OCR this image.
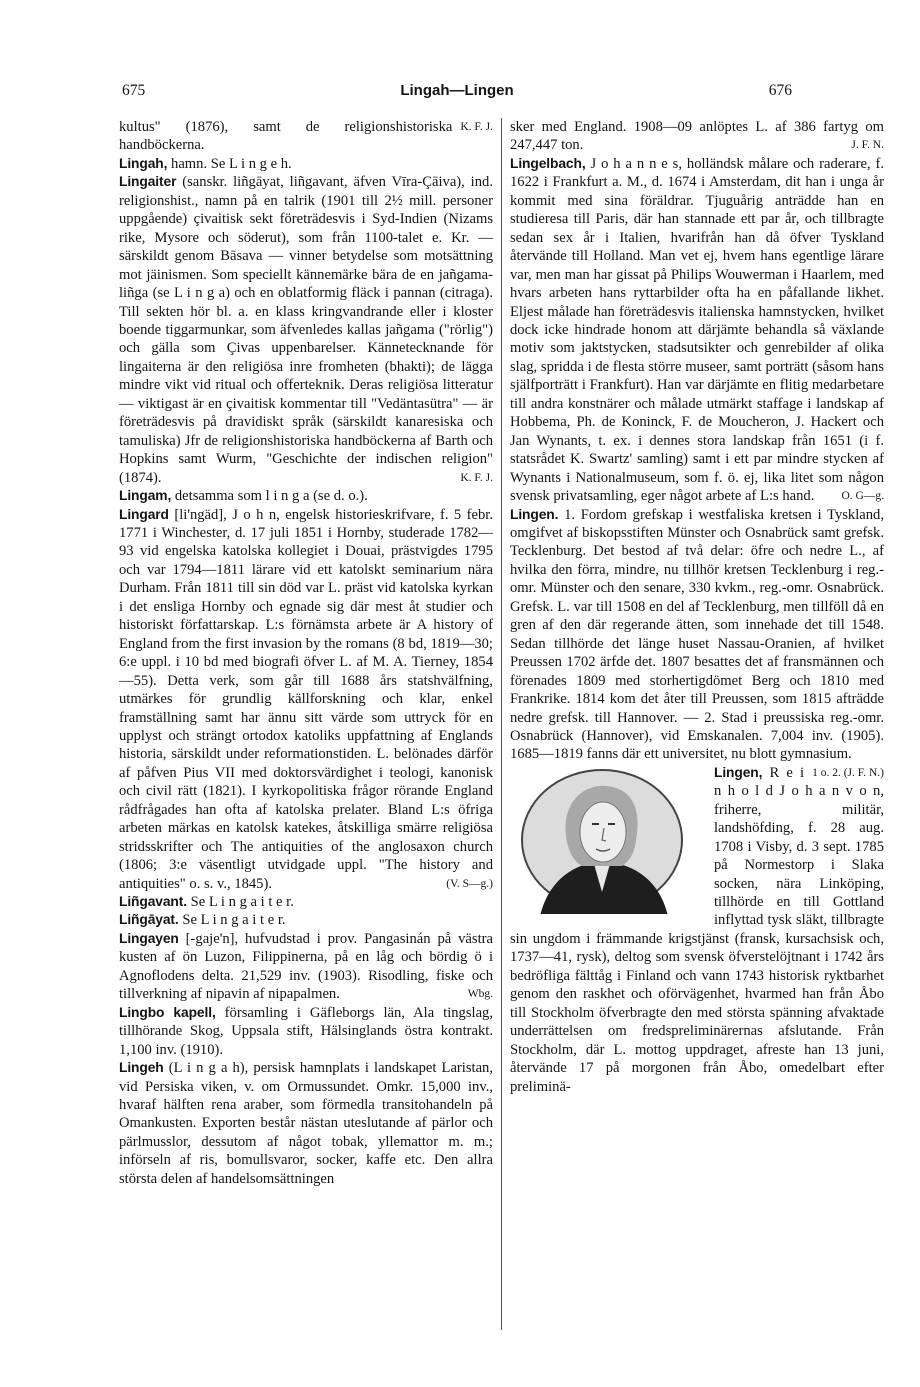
675	Lingah—Lingen	676

K. F. J.
kultus" (1876), samt de religionshistoriska handböckerna.

Lingah, hamn. Se L i n g e h.

Lingaiter (sanskr. liñgāyat, liñgavant, äfven Vīra-Çāiva), ind. religionshist., namn på en talrik (1901 till 2½ mill. personer uppgående) çivaitisk sekt företrädesvis i Syd-Indien (Nizams rike, Mysore och söderut), som från 1100-talet e. Kr. — särskildt genom Bāsava — vinner betydelse som motsättning mot jäinismen. Som speciellt kännemärke bära de en jañgama-liñga (se L i n g a) och en oblatformig fläck i pannan (citraga). Till sekten hör bl. a. en klass kringvandrande eller i kloster boende tiggarmunkar, som äfvenledes kallas jañgama ("rörlig") och gälla som Çivas uppenbarelser. Kännetecknande för lingaiterna är den religiösa inre fromheten (bhakti); de lägga mindre vikt vid ritual och offerteknik. Deras religiösa litteratur — viktigast är en çivaitisk kommentar till "Vedäntasütra" — är företrädesvis på dravidiskt språk (särskildt kanaresiska och tamuliska) Jfr de religionshistoriska handböckerna af Barth och Hopkins samt Wurm, "Geschichte der indischen religion" (1874).	K. F. J.

Lingam, detsamma som l i n g a (se d. o.).

Lingard [li'ngäd], J o h n, engelsk historieskrifvare, f. 5 febr. 1771 i Winchester, d. 17 juli 1851 i Hornby, studerade 1782—93 vid engelska katolska kollegiet i Douai, prästvigdes 1795 och var 1794—1811 lärare vid ett katolskt seminarium nära Durham. Från 1811 till sin död var L. präst vid katolska kyrkan i det ensliga Hornby och egnade sig där mest åt studier och historiskt författarskap. L:s förnämsta arbete är A history of England from the first invasion by the romans (8 bd, 1819—30; 6:e uppl. i 10 bd med biografi öfver L. af M. A. Tierney, 1854—55). Detta verk, som går till 1688 års statshvälfning, utmärkes för grundlig källforskning och klar, enkel framställning samt har ännu sitt värde som uttryck för en upplyst och strängt ortodox katoliks uppfattning af Englands historia, särskildt under reformationstiden. L. belönades därför af påfven Pius VII med doktorsvärdighet i teologi, kanonisk och civil rätt (1821). I kyrkopolitiska frågor rörande England rådfrågades han ofta af katolska prelater. Bland L:s öfriga arbeten märkas en katolsk katekes, åtskilliga smärre religiösa stridsskrifter och The antiquities of the anglosaxon church (1806; 3:e väsentligt utvidgade uppl. "The history and antiquities" o. s. v., 1845).	(V. S—g.)

Liñgavant. Se L i n g a i t e r.

Liñgāyat. Se L i n g a i t e r.

Lingayen [-gaje'n], hufvudstad i prov. Pangasinán på västra kusten af ön Luzon, Filippinerna, på en låg och bördig ö i Agnoflodens delta. 21,529 inv. (1903). Risodling, fiske och tillverkning af nipavin af nipapalmen.	Wbg.

Lingbo kapell, församling i Gäfleborgs län, Ala tingslag, tillhörande Skog, Uppsala stift, Hälsinglands östra kontrakt. 1,100 inv. (1910).

Lingeh (L i n g a h), persisk hamnplats i landskapet Laristan, vid Persiska viken, v. om Ormussundet. Omkr. 15,000 inv., hvaraf hälften rena araber, som förmedla transitohandeln på Omankusten. Exporten består nästan uteslutande af pärlor och pärlmusslor, dessutom af något tobak, yllemattor m. m.; införseln af ris, bomullsvaror, socker, kaffe etc. Den allra största delen af handelsomsättningen

sker med England. 1908—09 anlöptes L. af 386 fartyg om 247,447 ton.	J. F. N.

Lingelbach, J o h a n n e s, holländsk målare och raderare, f. 1622 i Frankfurt a. M., d. 1674 i Amsterdam, dit han i unga år kommit med sina föräldrar. Tjuguårig anträdde han en studieresa till Paris, där han stannade ett par år, och tillbragte sedan sex år i Italien, hvarifrån han då öfver Tyskland återvände till Holland. Man vet ej, hvem hans egentlige lärare var, men man har gissat på Philips Wouwerman i Haarlem, med hvars arbeten hans ryttarbilder ofta ha en påfallande likhet. Eljest målade han företrädesvis italienska hamnstycken, hvilket dock icke hindrade honom att därjämte behandla så växlande motiv som jaktstycken, stadsutsikter och genrebilder af olika slag, spridda i de flesta större museer, samt porträtt (såsom hans själfporträtt i Frankfurt). Han var därjämte en flitig medarbetare till andra konstnärer och målade utmärkt staffage i landskap af Hobbema, Ph. de Koninck, F. de Moucheron, J. Hackert och Jan Wynants, t. ex. i dennes stora landskap från 1651 (i f. statsrådet K. Swartz' samling) samt i ett par mindre stycken af Wynants i Nationalmuseum, som f. ö. ej, lika litet som någon svensk privatsamling, eger något arbete af L:s hand.	O. G—g.

Lingen. 1. Fordom grefskap i westfaliska kretsen i Tyskland, omgifvet af biskopsstiften Münster och Osnabrück samt grefsk. Tecklenburg. Det bestod af två delar: öfre och nedre L., af hvilka den förra, mindre, nu tillhör kretsen Tecklenburg i reg.-omr. Münster och den senare, 330 kvkm., reg.-omr. Osnabrück. Grefsk. L. var till 1508 en del af Tecklenburg, men tillföll då en gren af den där regerande ätten, som innehade det till 1548. Sedan tillhörde det länge huset Nassau-Oranien, af hvilket Preussen 1702 ärfde det. 1807 besattes det af fransmännen och förenades 1809 med storhertigdömet Berg och 1810 med Frankrike. 1814 kom det åter till Preussen, som 1815 afträdde nedre grefsk. till Hannover. — 2. Stad i preussiska reg.-omr. Osnabrück (Hannover), vid Emskanalen. 7,004 inv. (1905). 1685—1819 fanns där ett universitet, nu blott gymnasium.
1 o. 2. (J. F. N.)

Lingen, R e i n h o l d J o h a n v o n, friherre, militär, landshöfding, f. 28 aug. 1708 i Visby, d. 3 sept. 1785 på Normestorp i Slaka socken, nära Linköping, tillhörde en till Gottland inflyttad tysk släkt, tillbragte sin ungdom i främmande krigstjänst (fransk, kursachsisk och, 1737—41, rysk), deltog som svensk öfverstelöjtnant i 1742 års bedröfliga fälttåg i Finland och vann 1743 historisk ryktbarhet genom den raskhet och oförvägenhet, hvarmed han från Åbo till Stockholm öfverbragte den med största spänning afvaktade underrättelsen om fredspreliminärernas afslutande. Från Stockholm, där L. mottog uppdraget, afreste han 13 juni, återvände 17 på morgonen från Åbo, omedelbart efter preliminä-
